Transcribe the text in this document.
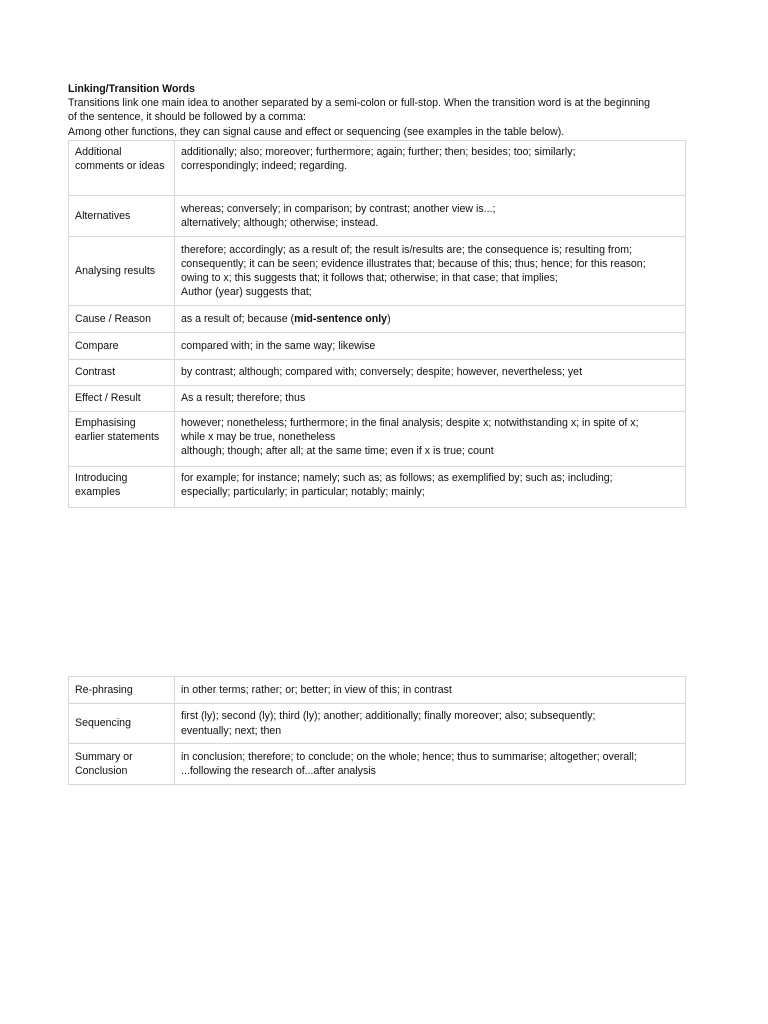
Linking/Transition Words
Transitions link one main idea to another separated by a semi-colon or full-stop. When the transition word is at the beginning
of the sentence, it should be followed by a comma:
Among other functions, they can signal cause and effect or sequencing (see examples in the table below).
Additional comments or ideas	additionally; also; moreover; furthermore; again; further; then; besides; too; similarly;
correspondingly; indeed; regarding.

Alternatives	whereas; conversely; in comparison; by contrast; another view is...;
alternatively; although; otherwise; instead.

Analysing results	therefore; accordingly; as a result of; the result is/results are; the consequence is; resulting from;
consequently; it can be seen; evidence illustrates that; because of this; thus; hence; for this reason;
owing to x; this suggests that; it follows that; otherwise; in that case; that implies;
Author (year) suggests that;

Cause / Reason	as a result of; because (mid-sentence only)
Compare	compared with; in the same way; likewise
Contrast	by contrast; although; compared with; conversely; despite; however, nevertheless; yet
Effect / Result	As a result; therefore; thus
Emphasising earlier statements	however; nonetheless; furthermore; in the final analysis; despite x; notwithstanding x; in spite of x;
while x may be true, nonetheless
although; though; after all; at the same time; even if x is true; count

Introducing examples	for example; for instance; namely; such as; as follows; as exemplified by; such as; including;
especially; particularly; in particular; notably; mainly;
Re-phrasing	in other terms; rather; or; better; in view of this; in contrast
Sequencing	first (ly); second (ly); third (ly); another; additionally; finally moreover; also; subsequently;
eventually; next; then

Summary or Conclusion	in conclusion; therefore; to conclude; on the whole; hence; thus to summarise; altogether; overall;
...following the research of...after analysis
